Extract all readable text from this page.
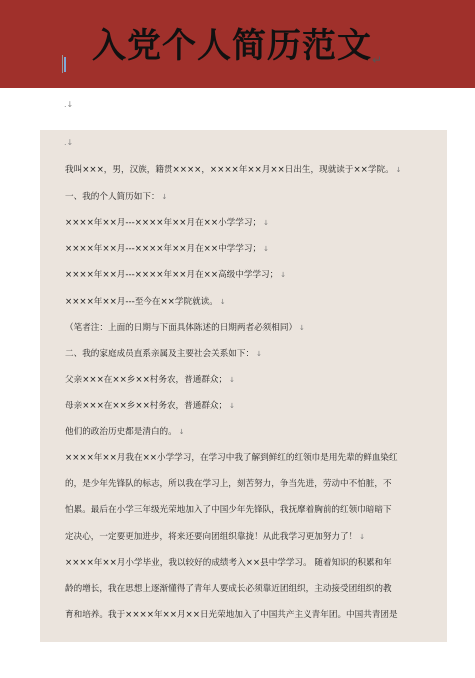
入党个人简历范文↵
.↓
.↓
我叫×××，男，汉族，籍贯××××，××××年××月××日出生，现就读于××学院。 ↓
一、我的个人简历如下： ↓
××××年××月---××××年××月在××小学学习； ↓
××××年××月---××××年××月在××中学学习； ↓
××××年××月---××××年××月在××高级中学学习； ↓
××××年××月---至今在××学院就读。 ↓
（笔者注：上面的日期与下面具体陈述的日期两者必须相同） ↓
二、我的家庭成员直系亲属及主要社会关系如下： ↓
父亲×××在××乡××村务农，普通群众； ↓
母亲×××在××乡××村务农，普通群众； ↓
他们的政治历史都是清白的。 ↓
××××年××月我在××小学学习，在学习中我了解到鲜红的红领巾是用先辈的鲜血染红
的，是少年先锋队的标志，所以我在学习上，刻苦努力，争当先进，劳动中不怕脏，不
怕累。最后在小学三年级光荣地加入了中国少年先锋队，我抚摩着胸前的红领巾暗暗下
定决心，一定要更加进步，将来还要向团组织靠拢！从此我学习更加努力了！ ↓
××××年××月小学毕业，我以较好的成绩考入××县中学学习。 随着知识的积累和年
龄的增长，我在思想上逐渐懂得了青年人要成长必须靠近团组织，主动接受团组织的教
育和培养。我于××××年××月××日光荣地加入了中国共产主义青年团。中国共青团是
